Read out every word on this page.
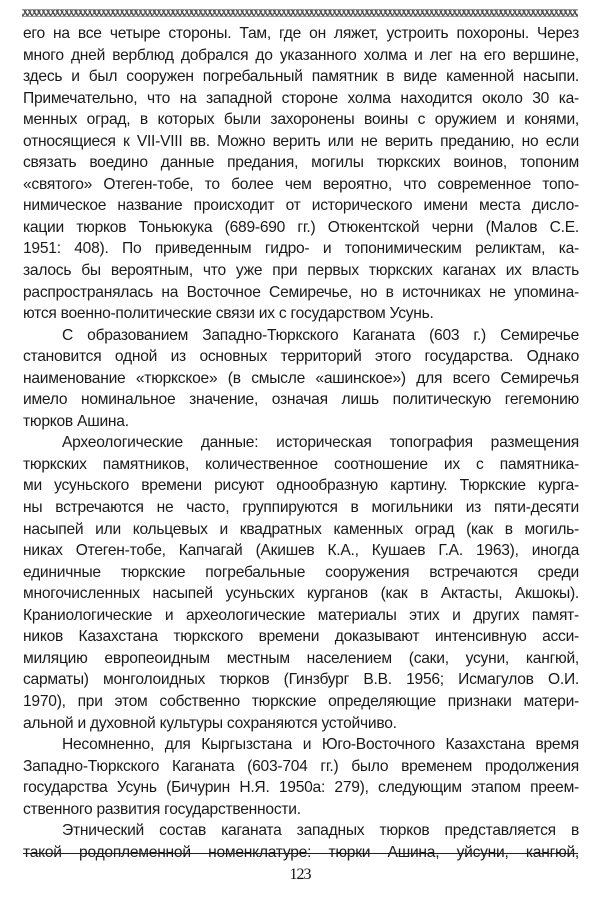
его на все четыре стороны. Там, где он ляжет, устроить похороны. Через
много дней верблюд добрался до указанного холма и лег на его вершине,
здесь и был сооружен погребальный памятник в виде каменной насыпи.
Примечательно, что на западной стороне холма находится около 30 ка-
менных оград, в которых были захоронены воины с оружием и конями,
относящиеся к VII-VIII вв. Можно верить или не верить преданию, но если
связать воедино данные предания, могилы тюркских воинов, топоним
«святого» Отеген-тобе, то более чем вероятно, что современное топо-
нимическое название происходит от исторического имени места дисло-
кации тюрков Тоньюкука (689-690 гг.) Отюкентской черни (Малов С.Е.
1951: 408). По приведенным гидро- и топонимическим реликтам, ка-
залось бы вероятным, что уже при первых тюркских каганах их власть
распространялась на Восточное Семиречье, но в источниках не упомина-
ются военно-политические связи их с государством Усунь.
С образованием Западно-Тюркского Каганата (603 г.) Семиречье
становится одной из основных территорий этого государства. Однако
наименование «тюркское» (в смысле «ашинское») для всего Семиречья
имело номинальное значение, означая лишь политическую гегемонию
тюрков Ашина.
Археологические данные: историческая топография размещения
тюркских памятников, количественное соотношение их с памятника-
ми усуньского времени рисуют однообразную картину. Тюркские курга-
ны встречаются не часто, группируются в могильники из пяти-десяти
насыпей или кольцевых и квадратных каменных оград (как в могиль-
никах Отеген-тобе, Капчагай (Акишев К.А., Кушаев Г.А. 1963), иногда
единичные тюркские погребальные сооружения встречаются среди
многочисленных насыпей усуньских курганов (как в Актасты, Акшокы).
Краниологические и археологические материалы этих и других памят-
ников Казахстана тюркского времени доказывают интенсивную асси-
миляцию европеоидным местным населением (саки, усуни, кангюй,
сарматы) монголоидных тюрков (Гинзбург В.В. 1956; Исмагулов О.И.
1970), при этом собственно тюркские определяющие признаки матери-
альной и духовной культуры сохраняются устойчиво.
Несомненно, для Кыргызстана и Юго-Восточного Казахстана время
Западно-Тюркского Каганата (603-704 гг.) было временем продолжения
государства Усунь (Бичурин Н.Я. 1950а: 279), следующим этапом преем-
ственного развития государственности.
Этнический состав каганата западных тюрков представляется в
такой родоплеменной номенклатуре: тюрки Ашина, уйсуни, кангюй,
123
